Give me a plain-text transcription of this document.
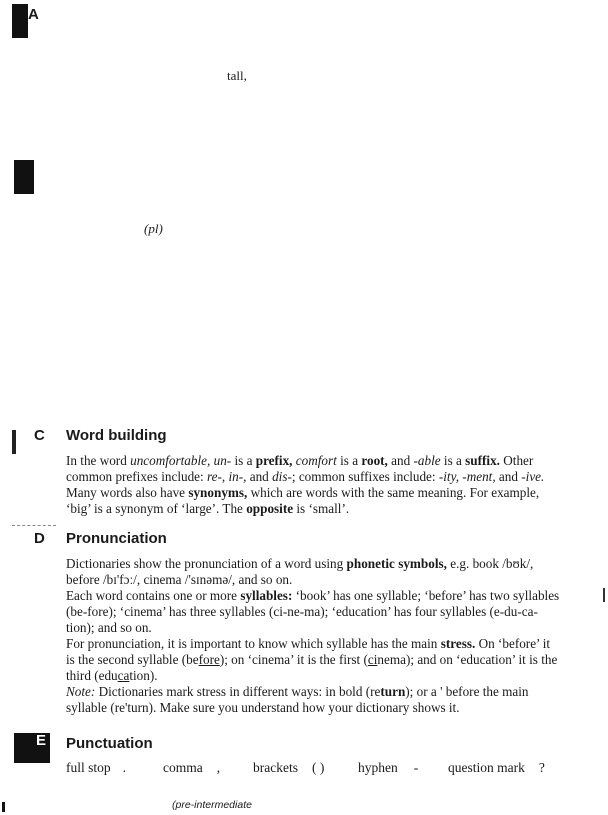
A
tall,
(pl)
C Word building

In the word uncomfortable, un- is a prefix, comfort is a root, and -able is a suffix. Other

common prefixes include: re-, in-, and dis-; common suffixes include: -ity, -ment, and -ive.

Many words also have synonyms, which are words with the same meaning. For example,

‘big’ is a synonym of ‘large’. The opposite is ‘small’.

D Pronunciation

Dictionaries show the pronunciation of a word using phonetic symbols, e.g. book /bʊk/,

before /bɪ'fɔː/, cinema /'sɪnəmə/, and so on.

Each word contains one or more syllables: ‘book’ has one syllable; ‘before’ has two syllables

(be-fore); ‘cinema’ has three syllables (ci-ne-ma); ‘education’ has four syllables (e-du-ca-

tion); and so on.

For pronunciation, it is important to know which syllable has the main stress. On ‘before’ it

is the second syllable (before); on ‘cinema’ it is the first (cinema); and on ‘education’ it is the

third (education).

Note: Dictionaries mark stress in different ways: in bold (return); or a ' before the main

syllable (re'turn). Make sure you understand how your dictionary shows it.

E Punctuation
full stop .	comma , brackets ( ) hyphen - question mark ?
(pre-intermediate
